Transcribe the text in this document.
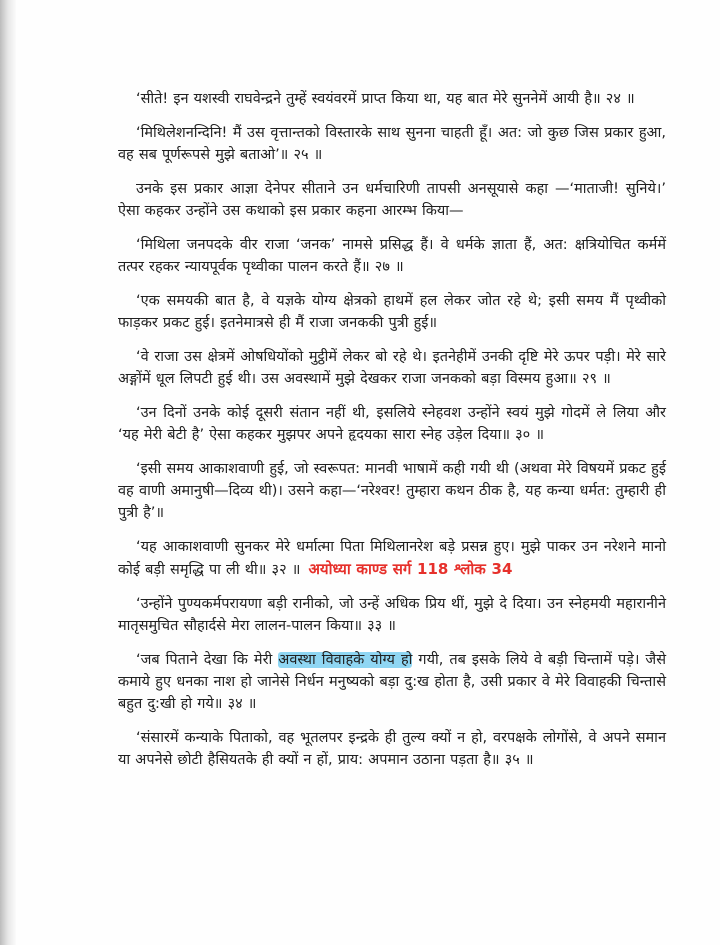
‘सीते! इन यशस्वी राघवेन्द्रने तुम्हें स्वयंवरमें प्राप्त किया था, यह बात मेरे सुननेमें आयी है॥ २४ ॥

‘मिथिलेशनन्दिनि! मैं उस वृत्तान्तको विस्तारके साथ सुनना चाहती हूँ। अत: जो कुछ जिस प्रकार हुआ, वह सब पूर्णरूपसे मुझे बताओ’॥ २५ ॥

उनके इस प्रकार आज्ञा देनेपर सीताने उन धर्मचारिणी तापसी अनसूयासे कहा —‘माताजी! सुनिये।’ ऐसा कहकर उन्होंने उस कथाको इस प्रकार कहना आरम्भ किया—

‘मिथिला जनपदके वीर राजा ‘जनक’ नामसे प्रसिद्ध हैं। वे धर्मके ज्ञाता हैं, अत: क्षत्रियोचित कर्ममें तत्पर रहकर न्यायपूर्वक पृथ्वीका पालन करते हैं॥ २७ ॥

‘एक समयकी बात है, वे यज्ञके योग्य क्षेत्रको हाथमें हल लेकर जोत रहे थे; इसी समय मैं पृथ्वीको फाड़कर प्रकट हुई। इतनेमात्रसे ही मैं राजा जनककी पुत्री हुई॥

‘वे राजा उस क्षेत्रमें ओषधियोंको मुट्ठीमें लेकर बो रहे थे। इतनेहीमें उनकी दृष्टि मेरे ऊपर पड़ी। मेरे सारे अङ्गोंमें धूल लिपटी हुई थी। उस अवस्थामें मुझे देखकर राजा जनकको बड़ा विस्मय हुआ॥ २९ ॥

‘उन दिनों उनके कोई दूसरी संतान नहीं थी, इसलिये स्नेहवश उन्होंने स्वयं मुझे गोदमें ले लिया और ‘यह मेरी बेटी है’ ऐसा कहकर मुझपर अपने हृदयका सारा स्नेह उड़ेल दिया॥ ३० ॥

‘इसी समय आकाशवाणी हुई, जो स्वरूपत: मानवी भाषामें कही गयी थी (अथवा मेरे विषयमें प्रकट हुई वह वाणी अमानुषी—दिव्य थी)। उसने कहा—‘नरेश्वर! तुम्हारा कथन ठीक है, यह कन्या धर्मत: तुम्हारी ही पुत्री है’॥

‘यह आकाशवाणी सुनकर मेरे धर्मात्मा पिता मिथिलानरेश बड़े प्रसन्न हुए। मुझे पाकर उन नरेशने मानो कोई बड़ी समृद्धि पा ली थी॥ ३२ ॥ अयोध्या काण्ड सर्ग 118 श्लोक 34

‘उन्होंने पुण्यकर्मपरायणा बड़ी रानीको, जो उन्हें अधिक प्रिय थीं, मुझे दे दिया। उन स्नेहमयी महारानीने मातृसमुचित सौहार्दसे मेरा लालन-पालन किया॥ ३३ ॥

‘जब पिताने देखा कि मेरी अवस्था विवाहके योग्य हो गयी, तब इसके लिये वे बड़ी चिन्तामें पड़े। जैसे कमाये हुए धनका नाश हो जानेसे निर्धन मनुष्यको बड़ा दु:ख होता है, उसी प्रकार वे मेरे विवाहकी चिन्तासे बहुत दु:खी हो गये॥ ३४ ॥

‘संसारमें कन्याके पिताको, वह भूतलपर इन्द्रके ही तुल्य क्यों न हो, वरपक्षके लोगोंसे, वे अपने समान या अपनेसे छोटी हैसियतके ही क्यों न हों, प्राय: अपमान उठाना पड़ता है॥ ३५ ॥
